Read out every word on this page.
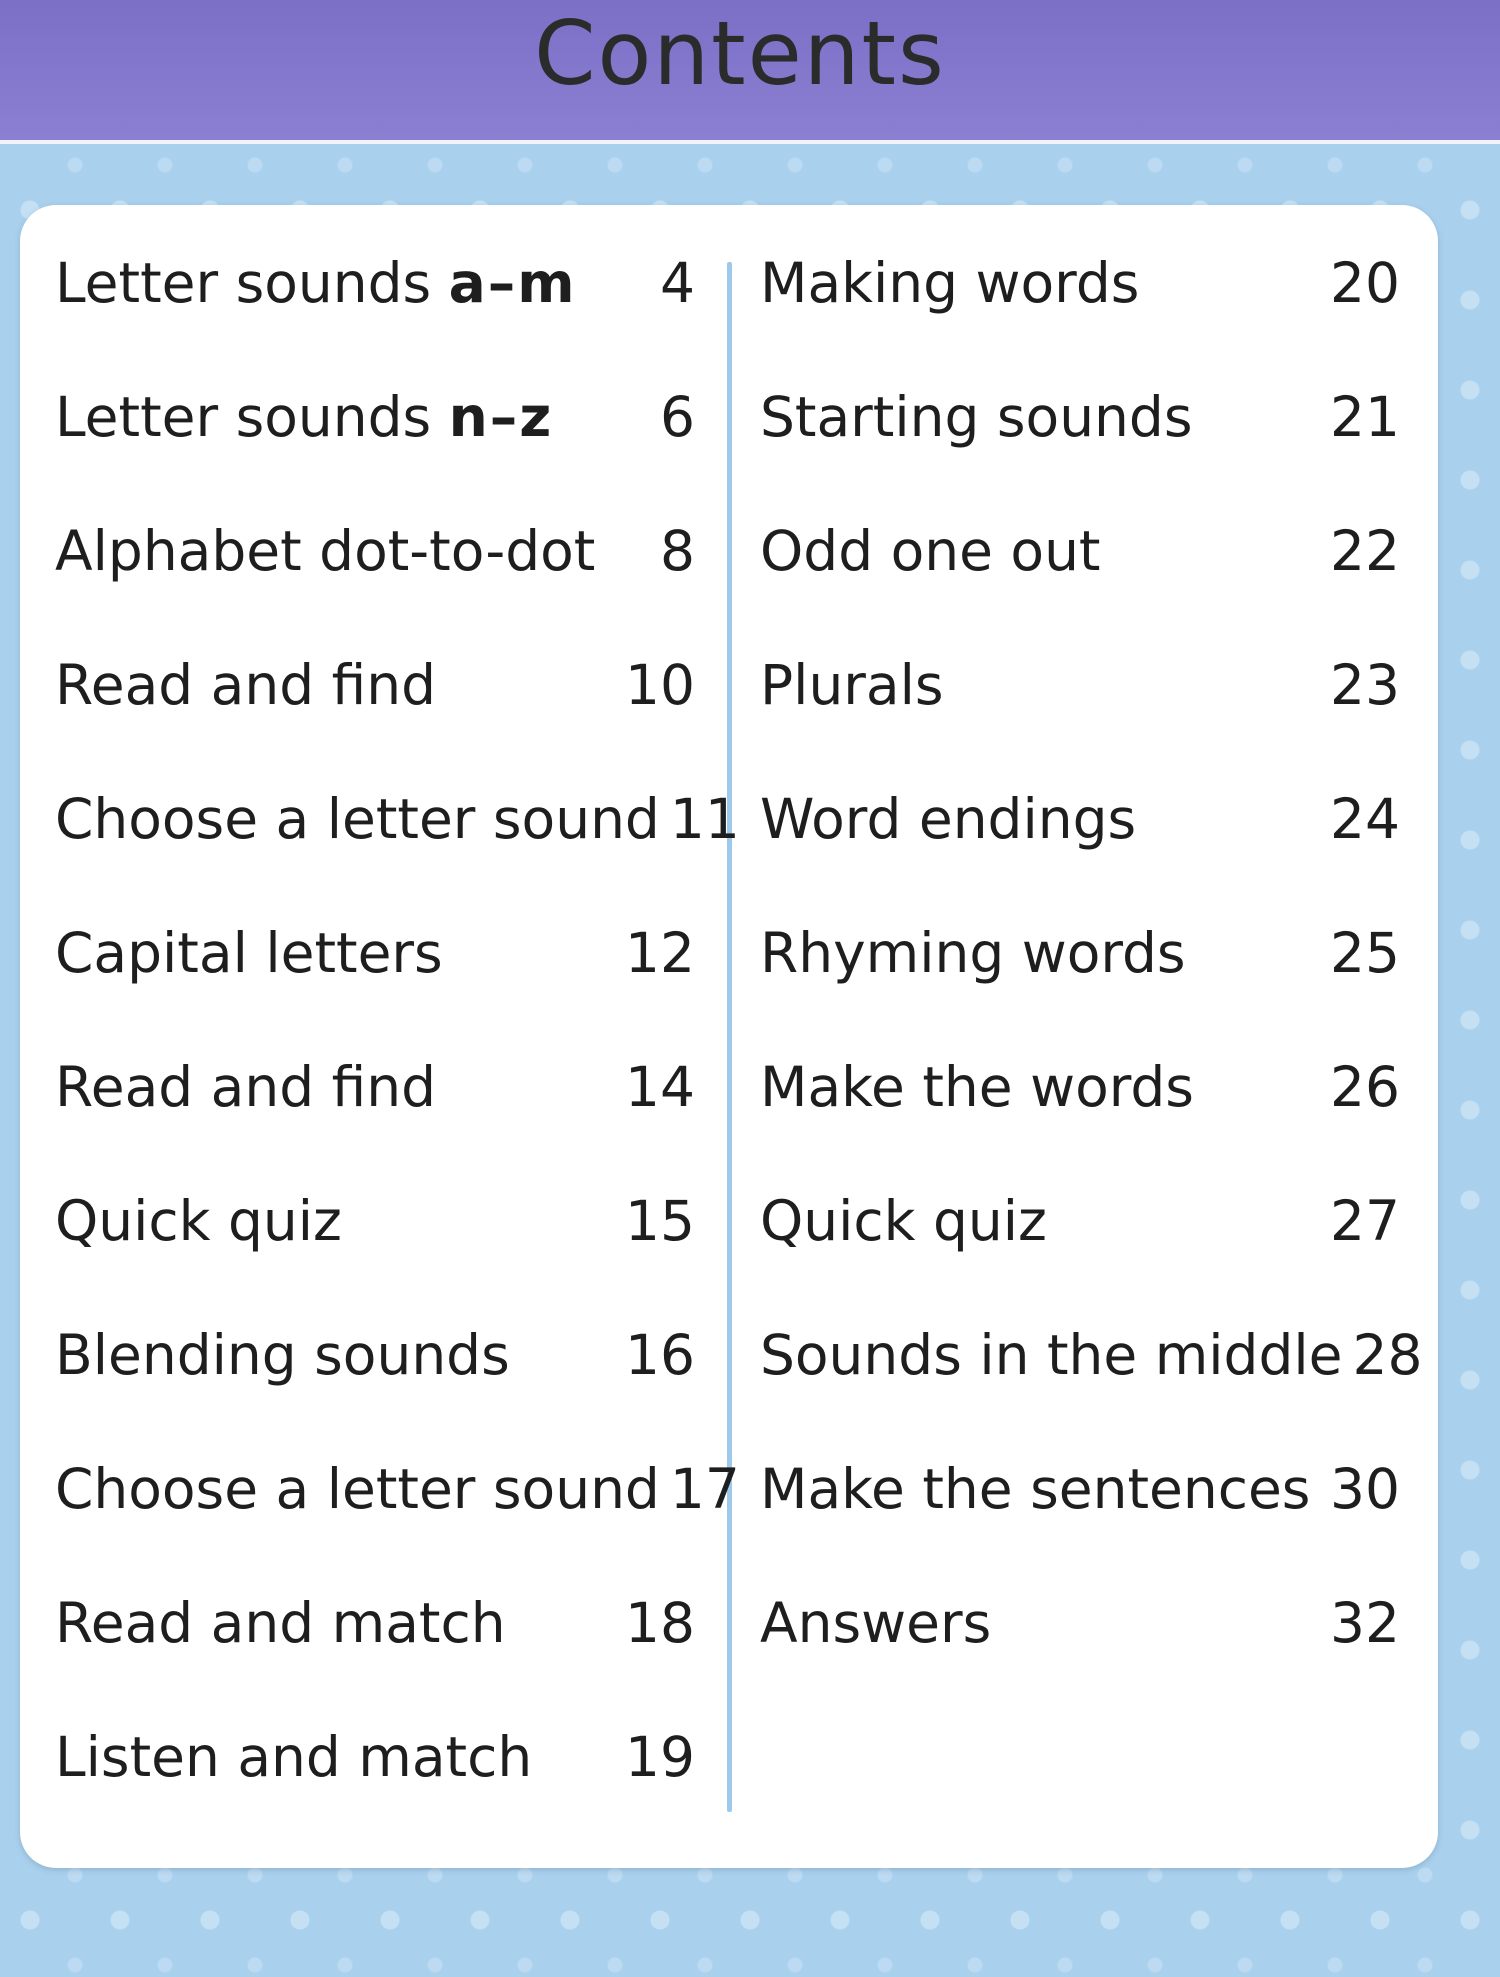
Contents
Letter sounds a–m	4
Letter sounds n–z	6
Alphabet dot-to-dot	8
Read and find	10
Choose a letter sound 11
Capital letters	12
Read and find	14
Quick quiz	15
Blending sounds 16
Choose a letter sound 17
Read and match 18
Listen and match 19
Making words	20
Starting sounds	21
Odd one out	22
Plurals	23
Word endings	24
Rhyming words	25
Make the words 26
Quick quiz	27
Sounds in the middle 28
Make the sentences 30
Answers	32
